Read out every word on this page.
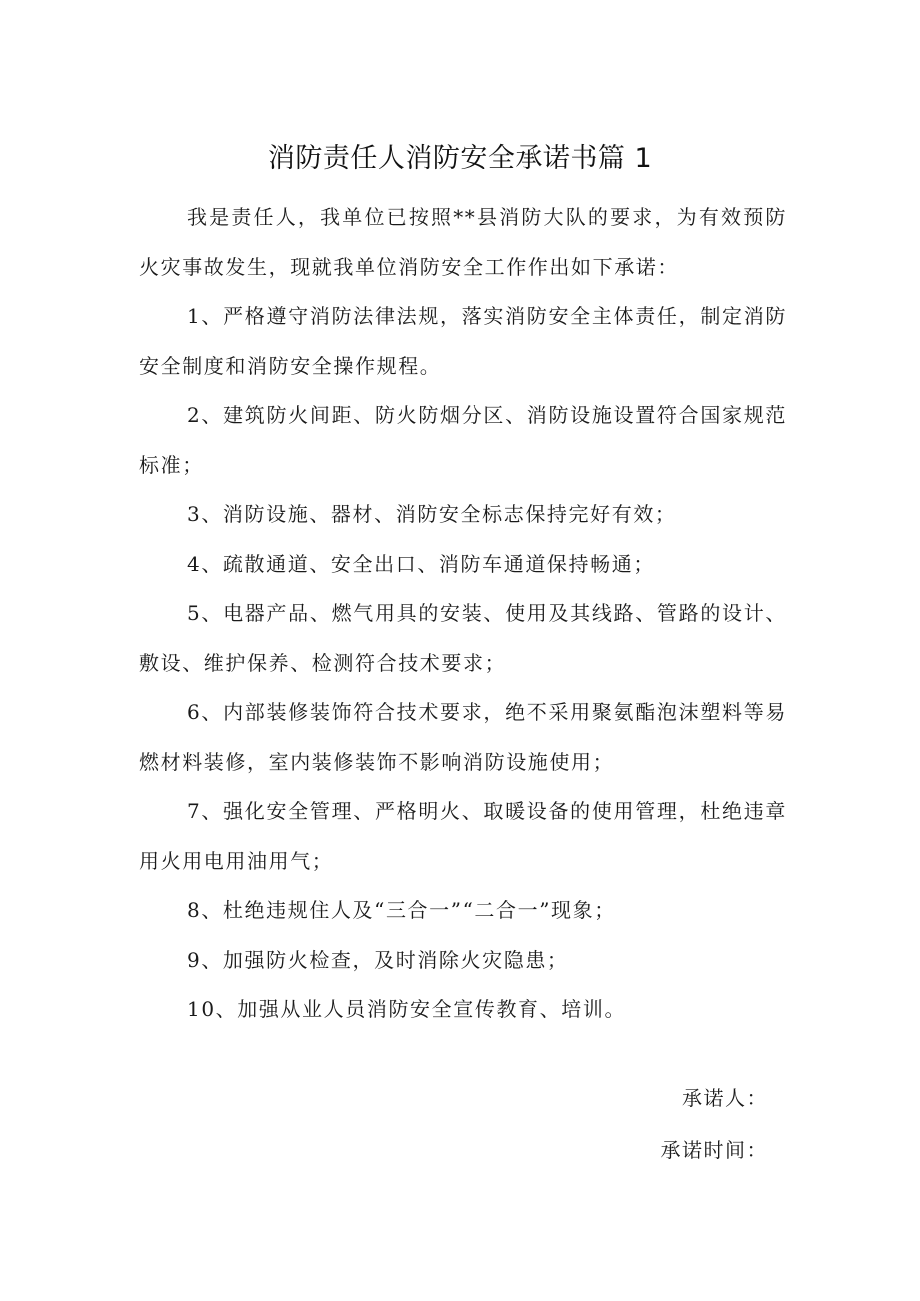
消防责任人消防安全承诺书篇 1

我是责任人，我单位已按照**县消防大队的要求，为有效预防火灾事故发生，现就我单位消防安全工作作出如下承诺：

1、严格遵守消防法律法规，落实消防安全主体责任，制定消防安全制度和消防安全操作规程。

2、建筑防火间距、防火防烟分区、消防设施设置符合国家规范标准；

3、消防设施、器材、消防安全标志保持完好有效；

4、疏散通道、安全出口、消防车通道保持畅通；

5、电器产品、燃气用具的安装、使用及其线路、管路的设计、敷设、维护保养、检测符合技术要求；

6、内部装修装饰符合技术要求，绝不采用聚氨酯泡沫塑料等易燃材料装修，室内装修装饰不影响消防设施使用；

7、强化安全管理、严格明火、取暖设备的使用管理，杜绝违章用火用电用油用气；

8、杜绝违规住人及“三合一”“二合一”现象；

9、加强防火检查，及时消除火灾隐患；

10、加强从业人员消防安全宣传教育、培训。

承诺人：
承诺时间：
